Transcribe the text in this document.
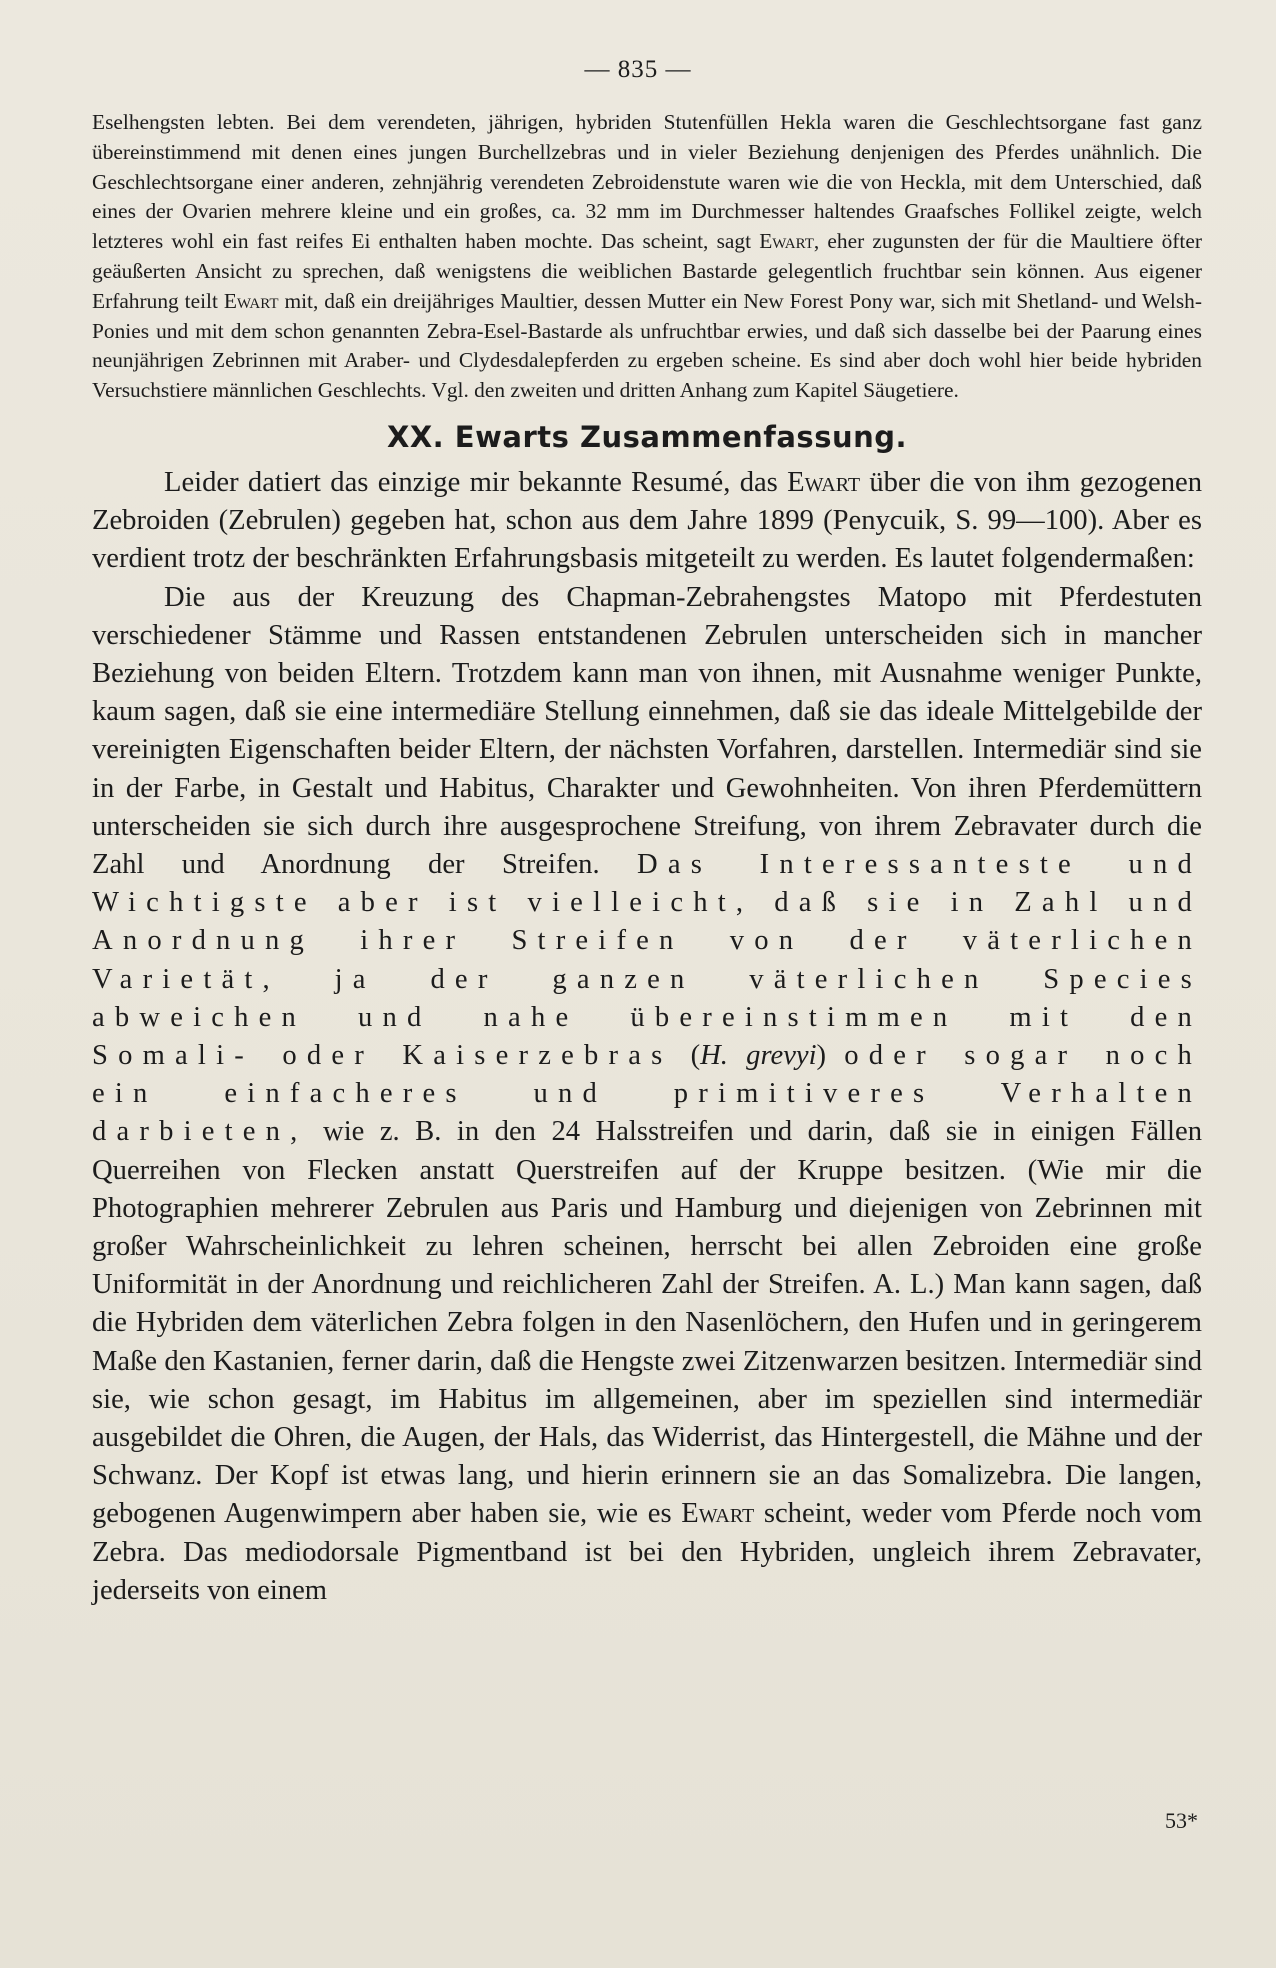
— 835 —

Eselhengsten lebten. Bei dem verendeten, jährigen, hybriden Stutenfüllen Hekla waren die Geschlechtsorgane fast ganz übereinstimmend mit denen eines jungen Burchellzebras und in vieler Beziehung denjenigen des Pferdes unähnlich. Die Geschlechtsorgane einer anderen, zehnjährig verendeten Zebroidenstute waren wie die von Heckla, mit dem Unterschied, daß eines der Ovarien mehrere kleine und ein großes, ca. 32 mm im Durchmesser haltendes Graafsches Follikel zeigte, welch letzteres wohl ein fast reifes Ei enthalten haben mochte. Das scheint, sagt Ewart, eher zugunsten der für die Maultiere öfter geäußerten Ansicht zu sprechen, daß wenigstens die weiblichen Bastarde gelegentlich fruchtbar sein können. Aus eigener Erfahrung teilt Ewart mit, daß ein dreijähriges Maultier, dessen Mutter ein New Forest Pony war, sich mit Shetland- und Welsh-Ponies und mit dem schon genannten Zebra-Esel-Bastarde als unfruchtbar erwies, und daß sich dasselbe bei der Paarung eines neunjährigen Zebrinnen mit Araber- und Clydesdalepferden zu ergeben scheine. Es sind aber doch wohl hier beide hybriden Versuchstiere männlichen Geschlechts. Vgl. den zweiten und dritten Anhang zum Kapitel Säugetiere.

XX. Ewarts Zusammenfassung.

Leider datiert das einzige mir bekannte Resumé, das Ewart über die von ihm gezogenen Zebroiden (Zebrulen) gegeben hat, schon aus dem Jahre 1899 (Penycuik, S. 99—100). Aber es verdient trotz der beschränkten Erfahrungsbasis mitgeteilt zu werden. Es lautet folgendermaßen:

Die aus der Kreuzung des Chapman-Zebrahengstes Matopo mit Pferdestuten verschiedener Stämme und Rassen entstandenen Zebrulen unterscheiden sich in mancher Beziehung von beiden Eltern. Trotzdem kann man von ihnen, mit Ausnahme weniger Punkte, kaum sagen, daß sie eine intermediäre Stellung einnehmen, daß sie das ideale Mittelgebilde der vereinigten Eigenschaften beider Eltern, der nächsten Vorfahren, darstellen. Intermediär sind sie in der Farbe, in Gestalt und Habitus, Charakter und Gewohnheiten. Von ihren Pferdemüttern unterscheiden sie sich durch ihre ausgesprochene Streifung, von ihrem Zebravater durch die Zahl und Anordnung der Streifen. Das Interessanteste und Wichtigste aber ist vielleicht, daß sie in Zahl und Anordnung ihrer Streifen von der väterlichen Varietät, ja der ganzen väterlichen Species abweichen und nahe übereinstimmen mit den Somali- oder Kaiserzebras (H. grevyi) oder sogar noch ein einfacheres und primitiveres Verhalten darbieten, wie z. B. in den 24 Halsstreifen und darin, daß sie in einigen Fällen Querreihen von Flecken anstatt Querstreifen auf der Kruppe besitzen. (Wie mir die Photographien mehrerer Zebrulen aus Paris und Hamburg und diejenigen von Zebrinnen mit großer Wahrscheinlichkeit zu lehren scheinen, herrscht bei allen Zebroiden eine große Uniformität in der Anordnung und reichlicheren Zahl der Streifen. A. L.) Man kann sagen, daß die Hybriden dem väterlichen Zebra folgen in den Nasenlöchern, den Hufen und in geringerem Maße den Kastanien, ferner darin, daß die Hengste zwei Zitzenwarzen besitzen. Intermediär sind sie, wie schon gesagt, im Habitus im allgemeinen, aber im speziellen sind intermediär ausgebildet die Ohren, die Augen, der Hals, das Widerrist, das Hintergestell, die Mähne und der Schwanz. Der Kopf ist etwas lang, und hierin erinnern sie an das Somalizebra. Die langen, gebogenen Augenwimpern aber haben sie, wie es Ewart scheint, weder vom Pferde noch vom Zebra. Das mediodorsale Pigmentband ist bei den Hybriden, ungleich ihrem Zebravater, jederseits von einem

53*
